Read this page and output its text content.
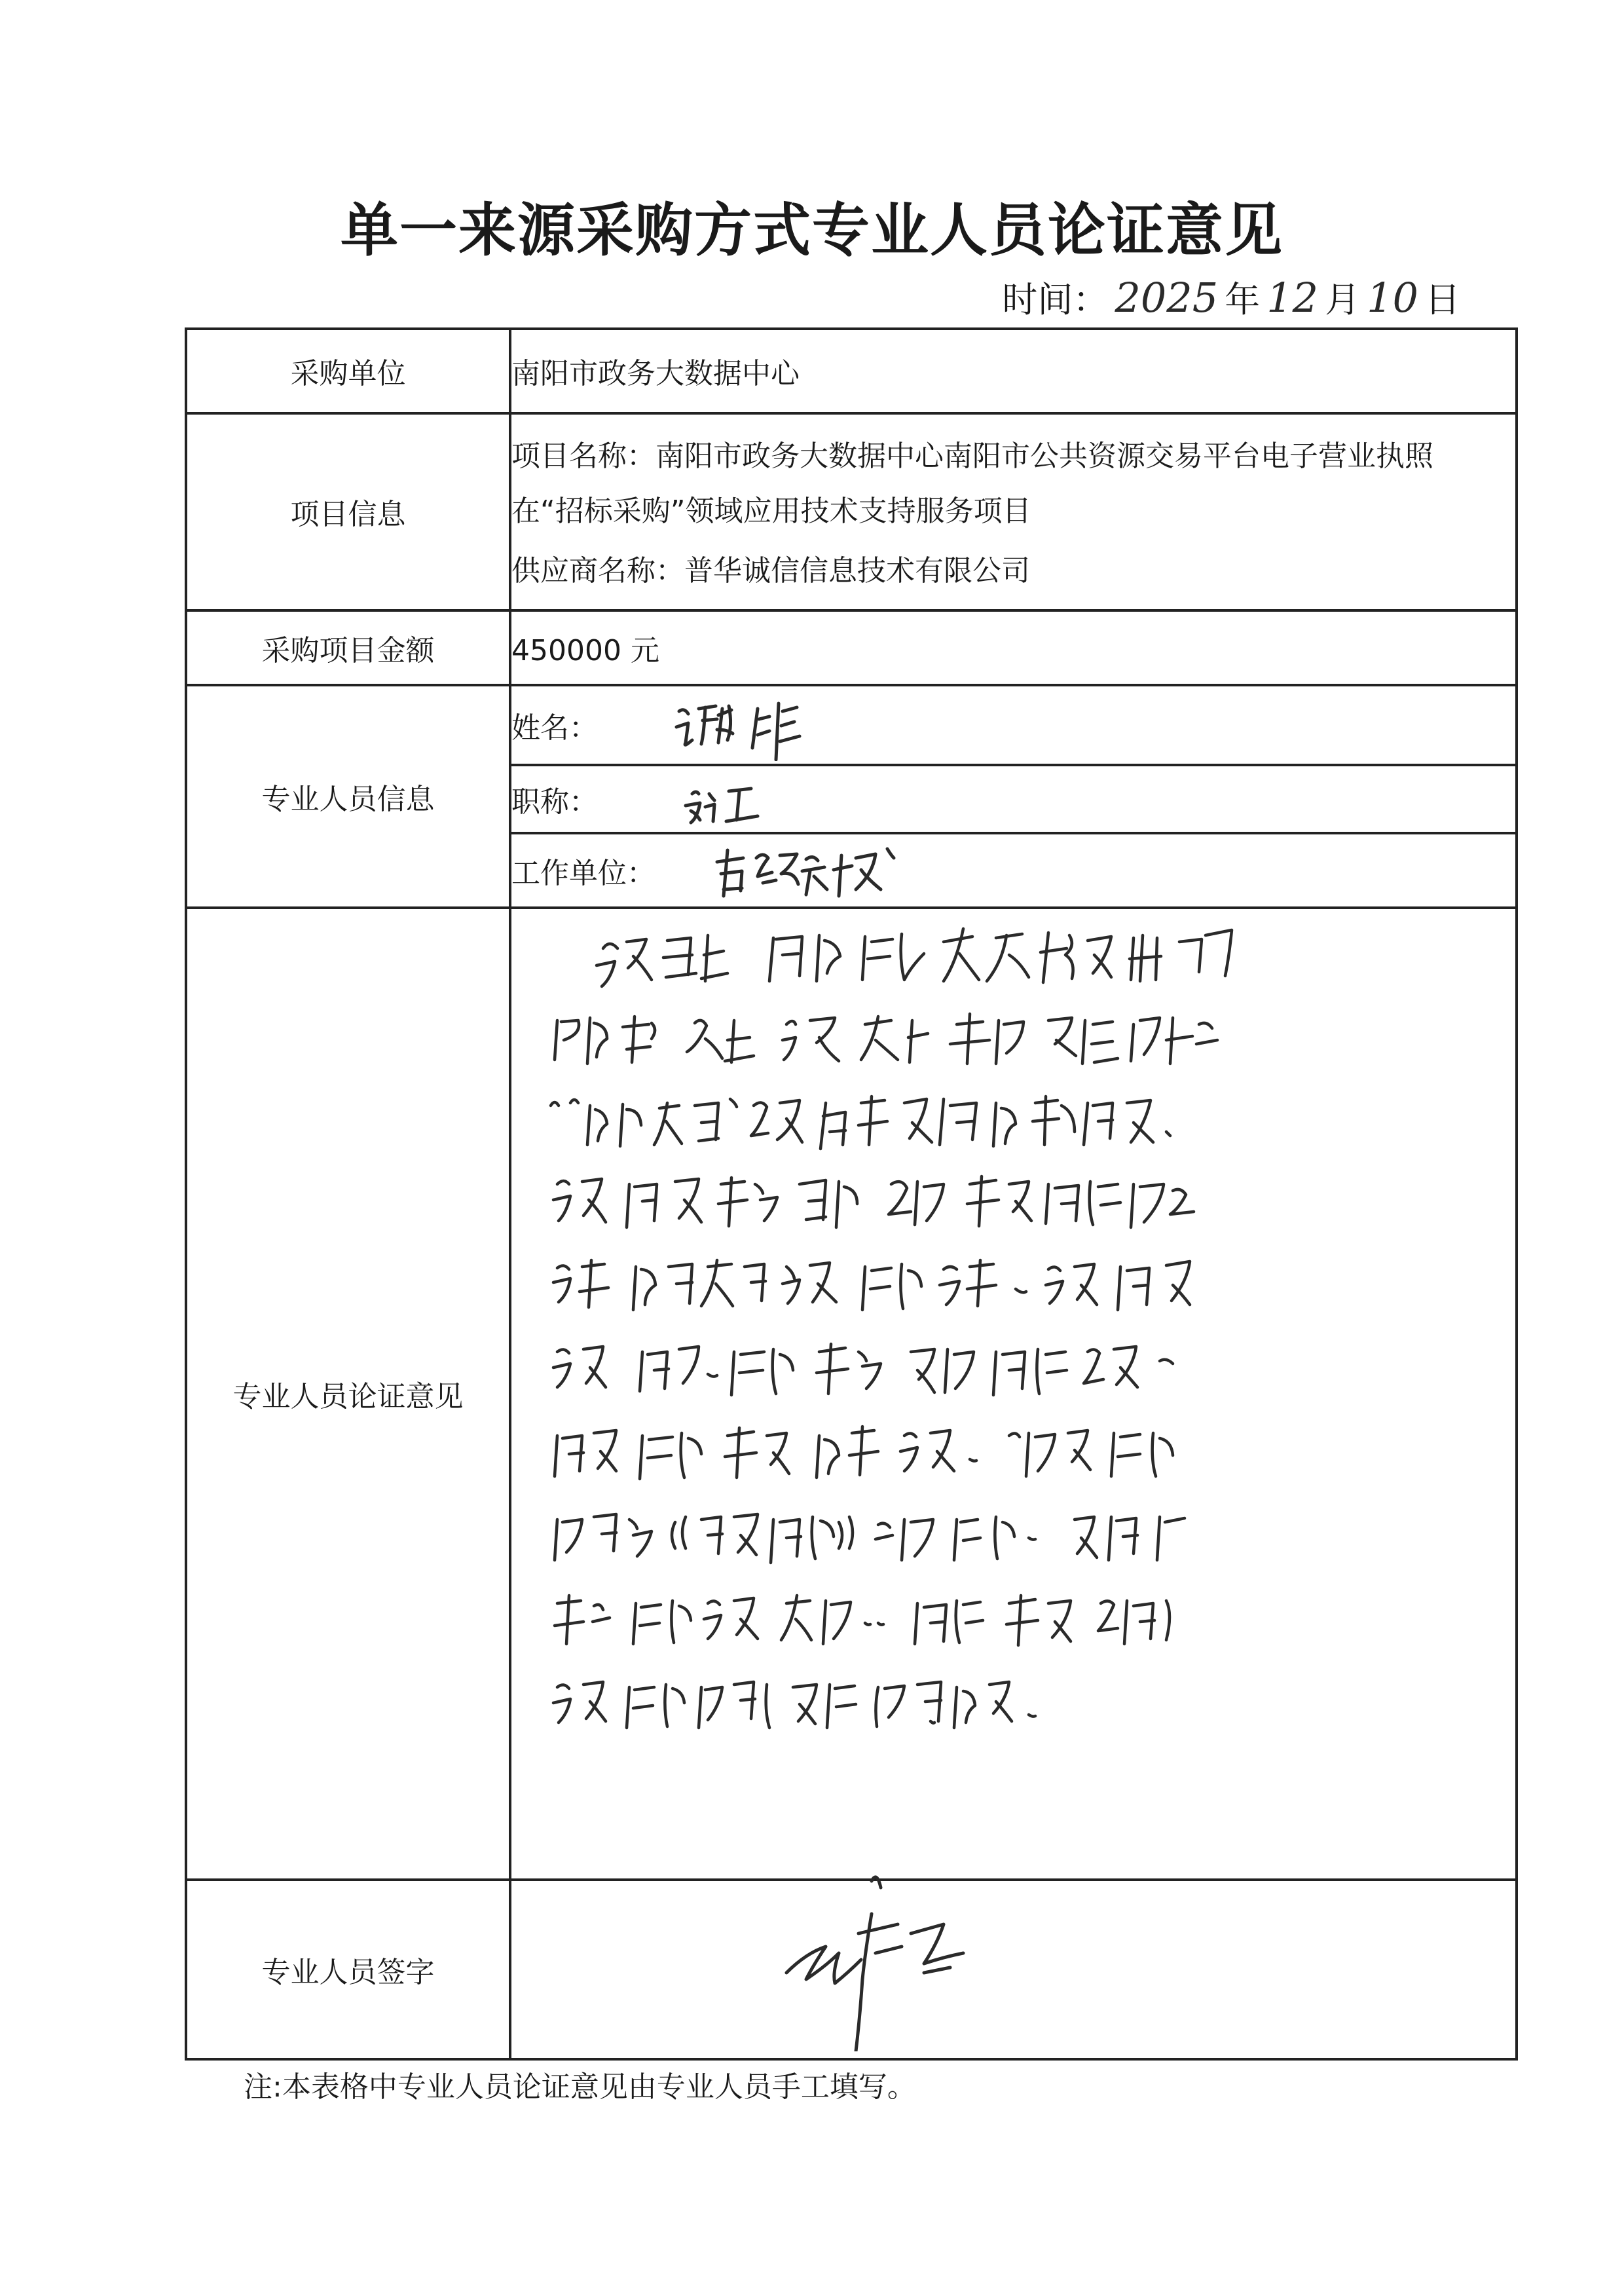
单一来源采购方式专业人员论证意见
时间： 2025 年 12 月 10 日
采购单位	南阳市政务大数据中心
项目信息	项目名称：南阳市政务大数据中心南阳市公共资源交易平台电子营业执照在“招标采购”领域应用技术支持服务项目

	供应商名称：普华诚信信息技术有限公司

采购项目金额	450000 元
专业人员信息	姓名：
	职称：
	工作单位：
专业人员论证意见	

专业人员签字	
注:本表格中专业人员论证意见由专业人员手工填写。
